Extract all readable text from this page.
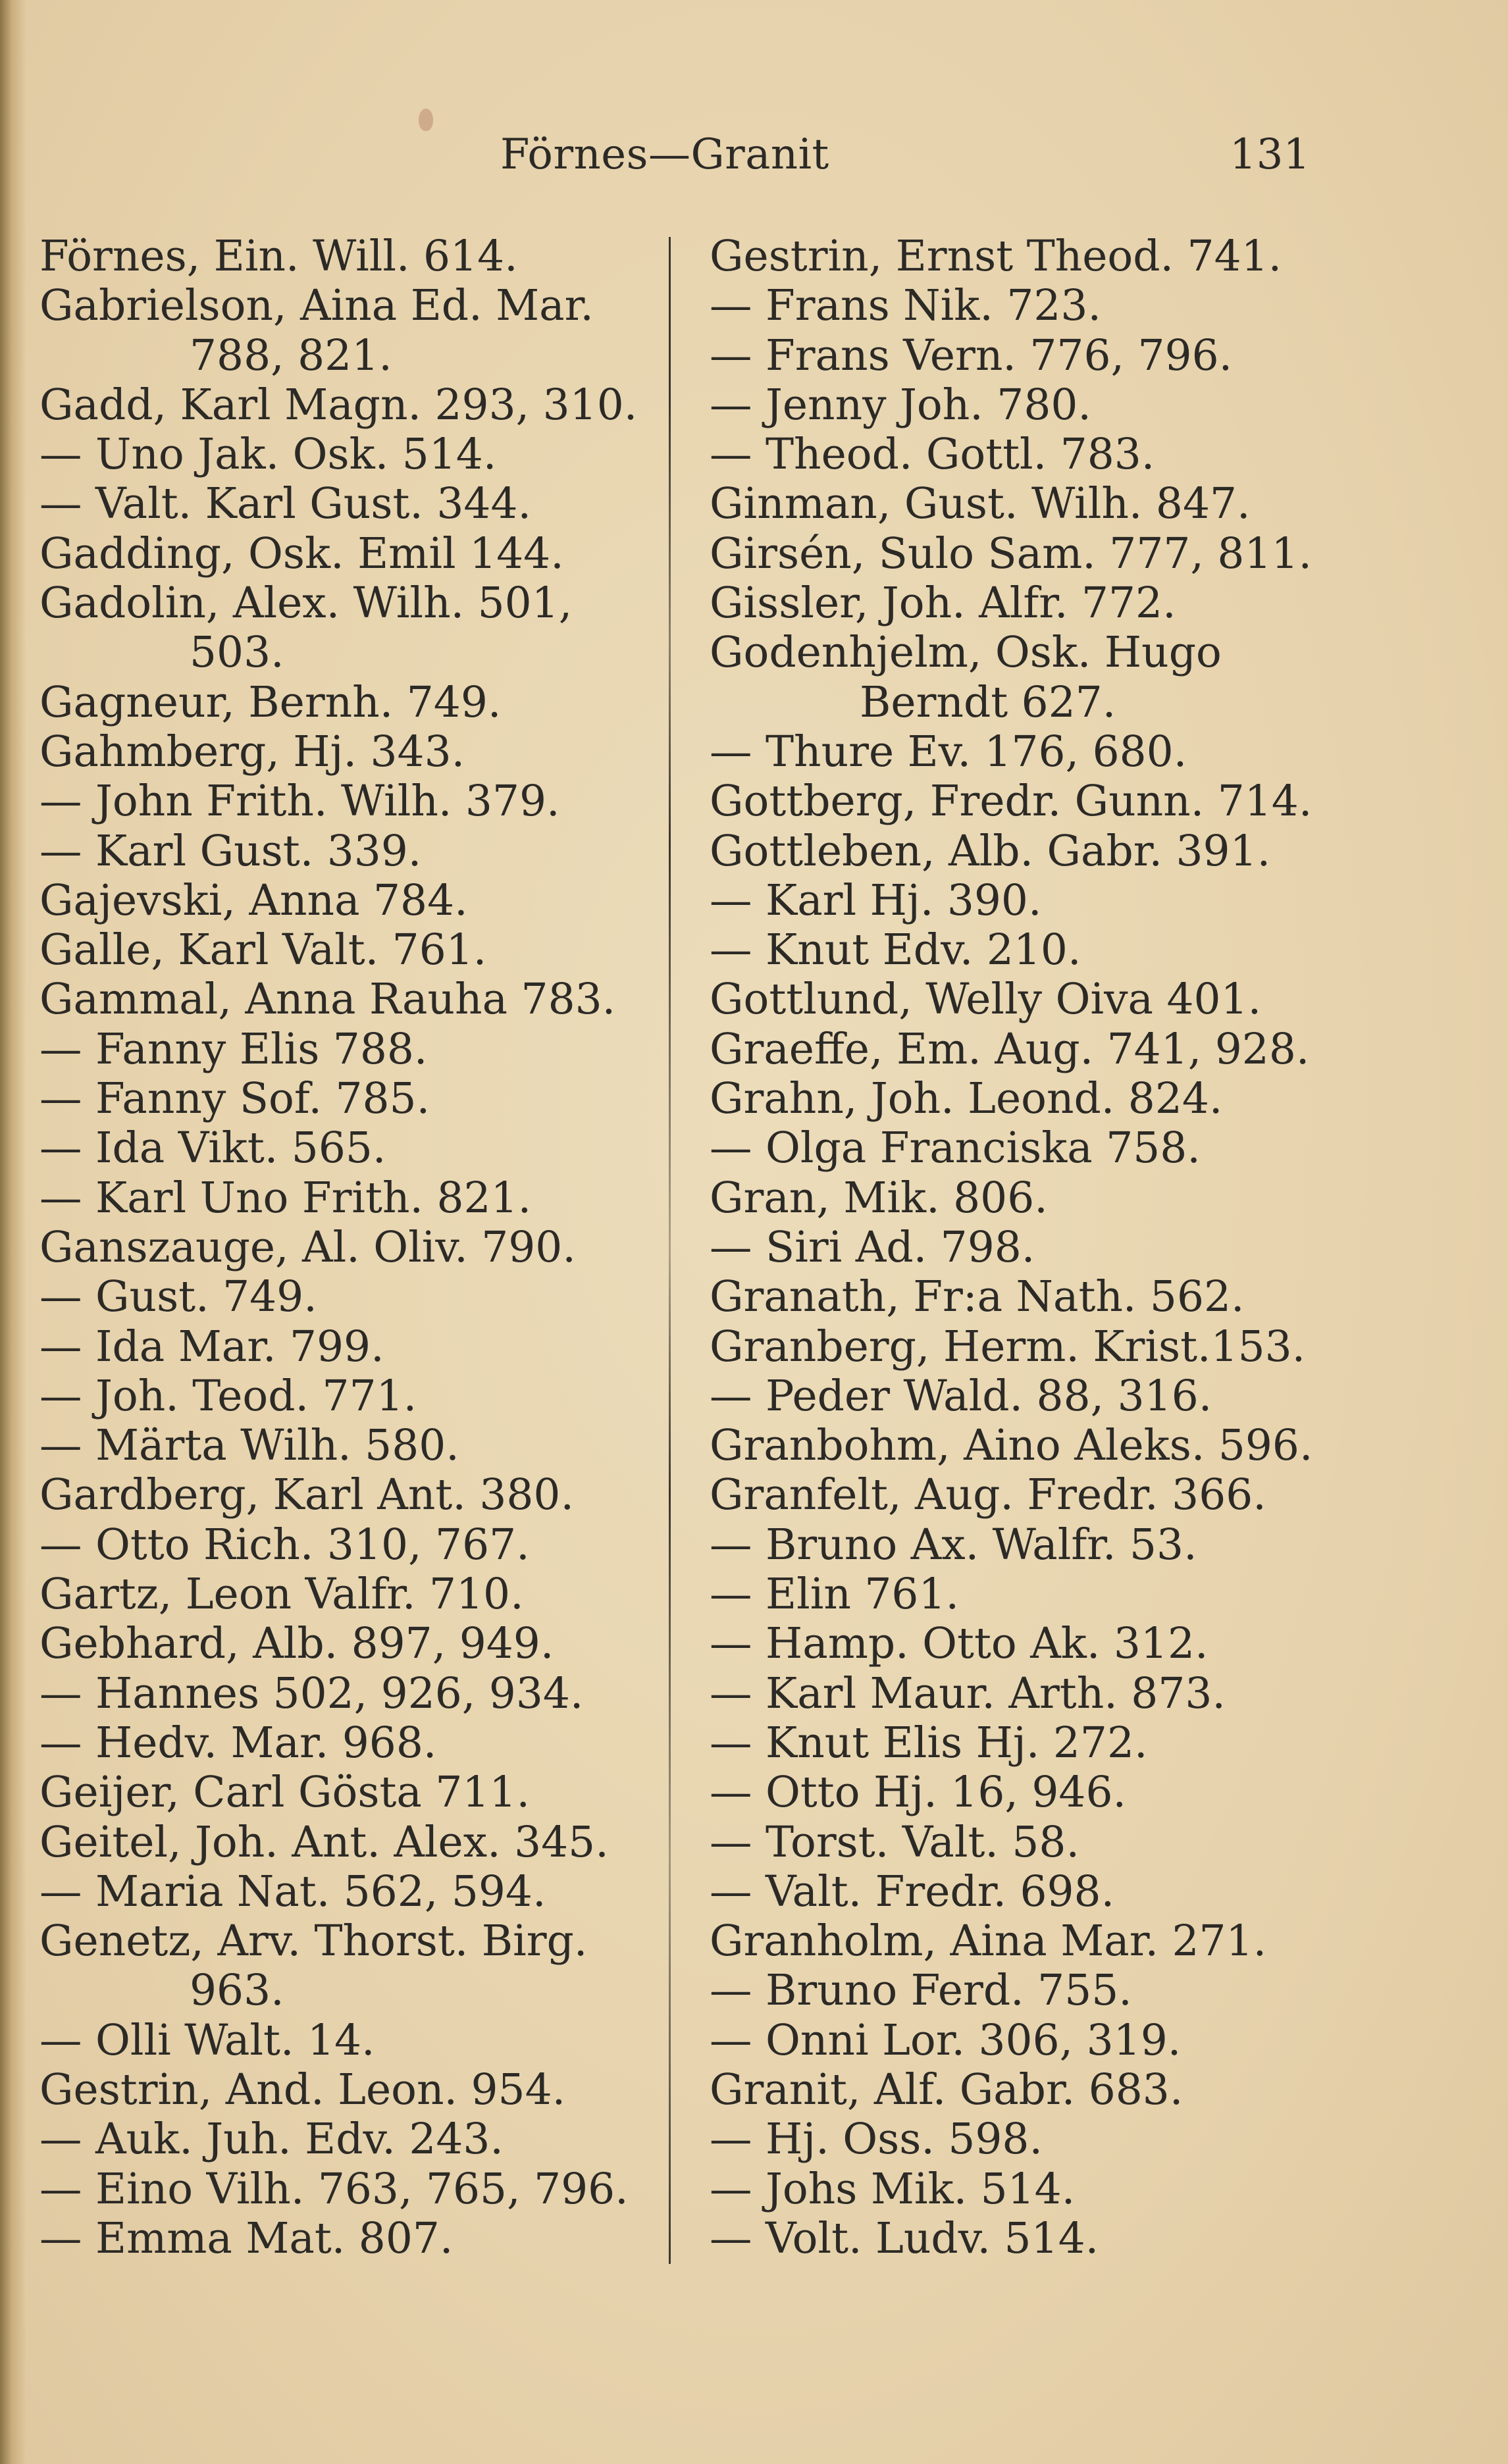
Förnes—Granit	131
Förnes, Ein. Will. 614.
Gabrielson, Aina Ed. Mar.
788, 821.
Gadd, Karl Magn. 293, 310.
— Uno Jak. Osk. 514.
— Valt. Karl Gust. 344.
Gadding, Osk. Emil 144.
Gadolin, Alex. Wilh. 501,
503.
Gagneur, Bernh. 749.
Gahmberg, Hj. 343.
— John Frith. Wilh. 379.
— Karl Gust. 339.
Gajevski, Anna 784.
Galle, Karl Valt. 761.
Gammal, Anna Rauha 783.
— Fanny Elis 788.
— Fanny Sof. 785.
— Ida Vikt. 565.
— Karl Uno Frith. 821.
Ganszauge, Al. Oliv. 790.
— Gust. 749.
— Ida Mar. 799.
— Joh. Teod. 771.
— Märta Wilh. 580.
Gardberg, Karl Ant. 380.
— Otto Rich. 310, 767.
Gartz, Leon Valfr. 710.
Gebhard, Alb. 897, 949.
— Hannes 502, 926, 934.
— Hedv. Mar. 968.
Geijer, Carl Gösta 711.
Geitel, Joh. Ant. Alex. 345.
— Maria Nat. 562, 594.
Genetz, Arv. Thorst. Birg.
963.
— Olli Walt. 14.
Gestrin, And. Leon. 954.
— Auk. Juh. Edv. 243.
— Eino Vilh. 763, 765, 796.
— Emma Mat. 807.
Gestrin, Ernst Theod. 741.
— Frans Nik. 723.
— Frans Vern. 776, 796.
— Jenny Joh. 780.
— Theod. Gottl. 783.
Ginman, Gust. Wilh. 847.
Girsén, Sulo Sam. 777, 811.
Gissler, Joh. Alfr. 772.
Godenhjelm, Osk. Hugo
Berndt 627.
— Thure Ev. 176, 680.
Gottberg, Fredr. Gunn. 714.
Gottleben, Alb. Gabr. 391.
— Karl Hj. 390.
— Knut Edv. 210.
Gottlund, Welly Oiva 401.
Graeffe, Em. Aug. 741, 928.
Grahn, Joh. Leond. 824.
— Olga Franciska 758.
Gran, Mik. 806.
— Siri Ad. 798.
Granath, Fr:a Nath. 562.
Granberg, Herm. Krist.153.
— Peder Wald. 88, 316.
Granbohm, Aino Aleks. 596.
Granfelt, Aug. Fredr. 366.
— Bruno Ax. Walfr. 53.
— Elin 761.
— Hamp. Otto Ak. 312.
— Karl Maur. Arth. 873.
— Knut Elis Hj. 272.
— Otto Hj. 16, 946.
— Torst. Valt. 58.
— Valt. Fredr. 698.
Granholm, Aina Mar. 271.
— Bruno Ferd. 755.
— Onni Lor. 306, 319.
Granit, Alf. Gabr. 683.
— Hj. Oss. 598.
— Johs Mik. 514.
— Volt. Ludv. 514.
